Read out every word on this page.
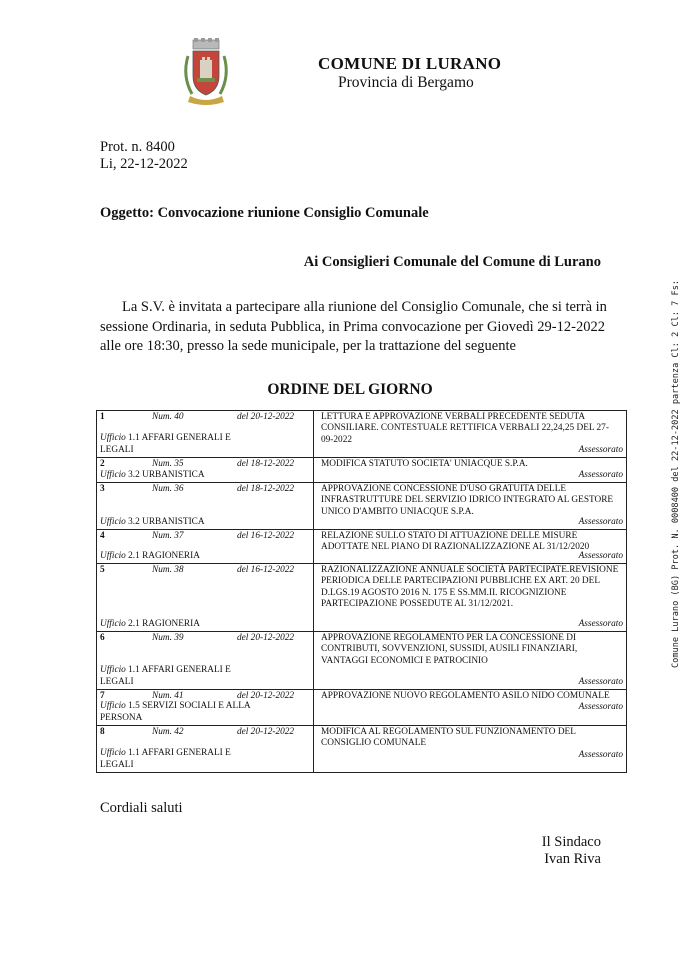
COMUNE DI LURANO
Provincia di Bergamo
Prot. n. 8400
Li, 22-12-2022
Oggetto: Convocazione riunione Consiglio Comunale
Ai Consiglieri Comunale del Comune di Lurano
La S.V. è invitata a partecipare alla riunione del Consiglio Comunale, che si terrà in sessione Ordinaria, in seduta Pubblica, in Prima convocazione per Giovedì 29-12-2022 alle ore 18:30, presso la sede municipale, per la trattazione del seguente
ORDINE DEL GIORNO
1	Num. 40	del 20-12-2022	LETTURA E APPROVAZIONE VERBALI PRECEDENTE SEDUTA CONSILIARE. CONTESTUALE RETTIFICA VERBALI 22,24,25 DEL 27-09-2022
Ufficio 1.1 AFFARI GENERALI E LEGALI	Assessorato
2	Num. 35	del 18-12-2022	MODIFICA STATUTO SOCIETA' UNIACQUE S.P.A.
Ufficio 3.2 URBANISTICA	Assessorato
3	Num. 36	del 18-12-2022	APPROVAZIONE CONCESSIONE D'USO GRATUITA DELLE INFRASTRUTTURE DEL SERVIZIO IDRICO INTEGRATO AL GESTORE UNICO D'AMBITO UNIACQUE S.P.A.
Ufficio 3.2 URBANISTICA	Assessorato
4	Num. 37	del 16-12-2022	RELAZIONE SULLO STATO DI ATTUAZIONE DELLE MISURE ADOTTATE NEL PIANO DI RAZIONALIZZAZIONE AL 31/12/2020
Ufficio 2.1 RAGIONERIA	Assessorato
5	Num. 38	del 16-12-2022	RAZIONALIZZAZIONE ANNUALE SOCIETÀ PARTECIPATE.REVISIONE PERIODICA DELLE PARTECIPAZIONI PUBBLICHE EX ART. 20 DEL D.LGS.19 AGOSTO 2016 N. 175 E SS.MM.II. RICOGNIZIONE PARTECIPAZIONE POSSEDUTE AL 31/12/2021.
Ufficio 2.1 RAGIONERIA	Assessorato
6	Num. 39	del 20-12-2022	APPROVAZIONE REGOLAMENTO PER LA CONCESSIONE DI CONTRIBUTI, SOVVENZIONI, SUSSIDI, AUSILI FINANZIARI, VANTAGGI ECONOMICI E PATROCINIO
Ufficio 1.1 AFFARI GENERALI E LEGALI	Assessorato
7	Num. 41	del 20-12-2022	APPROVAZIONE NUOVO REGOLAMENTO ASILO NIDO COMUNALE
Ufficio 1.5 SERVIZI SOCIALI E ALLA PERSONA
Assessorato
8	Num. 42	del 20-12-2022	MODIFICA AL REGOLAMENTO SUL FUNZIONAMENTO DEL CONSIGLIO COMUNALE
Ufficio 1.1 AFFARI GENERALI E LEGALI
Assessorato
Cordiali saluti
Il Sindaco
Ivan Riva
Comune Lurano (BG) Prot. N. 0008400 del 22-12-2022 partenza Cl: 2 Cl: 7 Fs:
